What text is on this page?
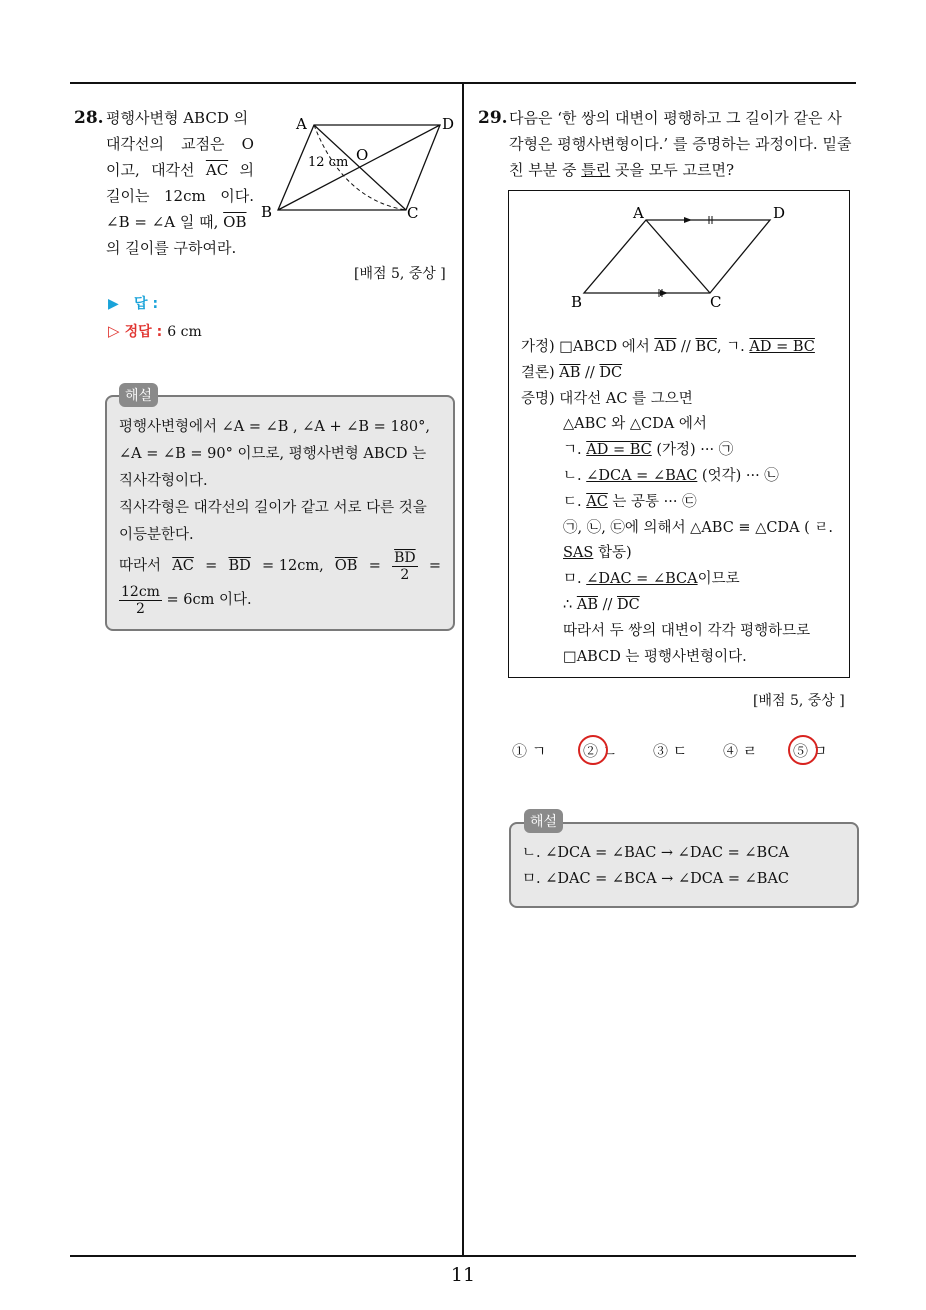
11
28. 평행사변형 ABCD 의
대각선의 교점은 O
이고, 대각선 $\overline{AC}$ 의
길이는 12cm 이다.
∠B = ∠A 일 때, $\overline{OB}$
의 길이를 구하여라.
A	D
B	C
O
12 cm
[배점 5, 중상 ]
▶ 답 :
▷ 정답 : 6 cm
해설
평행사변형에서 ∠A = ∠B , ∠A + ∠B = 180°,
∠A = ∠B = 90° 이므로, 평행사변형 ABCD 는
직사각형이다.
직사각형은 대각선의 길이가 같고 서로 다른 것을
이등분한다.
따라서 $\overline{AC} = \overline{BD} = 12cm$, $\overline{OB} = \frac{\overline{BD}}{2}$ =
$\frac{12cm}{2}$
= 6cm 이다.
29. 다음은 ‘한 쌍의 대변이 평행하고 그 길이가 같은 사
각형은 평행사변형이다.’ 를 증명하는 과정이다. 밑줄
친 부분 중 틀린 곳을 모두 고르면?
A	D
B	C
가정) □ABCD 에서 $\overline{AD} // \overline{BC}$, ㄱ. AD = BC
결론) $\overline{AB} // \overline{DC}$
증명) 대각선 AC 를 그으면
△ABC 와 △CDA 에서
ㄱ. AD = BC (가정) ··· ㉠
ㄴ. ∠DCA = ∠BAC (엇각) ··· ㉡
ㄷ. AC 는 공통 ··· ㉢
㉠, ㉡, ㉢에 의해서 △ABC ≡ △CDA ( ㄹ.
SAS 합동)
ㅁ. ∠DAC = ∠BCA이므로
∴ $\overline{AB} // \overline{DC}$
따라서 두 쌍의 대변이 각각 평행하므로
□ABCD 는 평행사변형이다.
[배점 5, 중상 ]
① ㄱ ② ㄴ ③ ㄷ ④ ㄹ ⑤ ㅁ
해설
ㄴ. ∠DCA = ∠BAC → ∠DAC = ∠BCA
ㅁ. ∠DAC = ∠BCA → ∠DCA = ∠BAC
